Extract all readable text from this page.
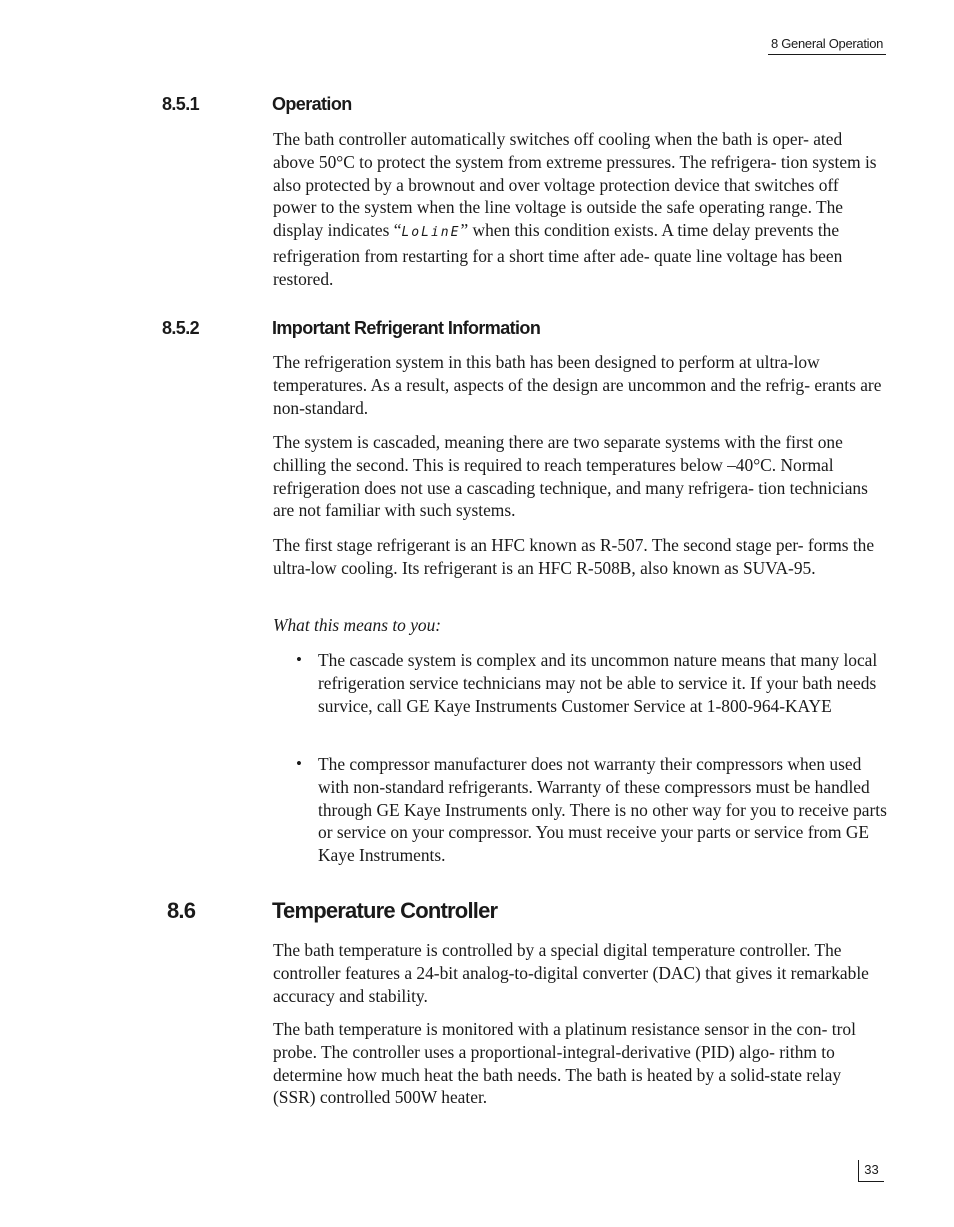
8 General Operation
8.5.1	Operation

The bath controller automatically switches off cooling when the bath is oper- ated above 50°C to protect the system from extreme pressures. The refrigera- tion system is also protected by a brownout and over voltage protection device that switches off power to the system when the line voltage is outside the safe operating range. The display indicates “LoLinE” when this condition exists. A time delay prevents the refrigeration from restarting for a short time after ade- quate line voltage has been restored.

8.5.2	Important Refrigerant Information

The refrigeration system in this bath has been designed to perform at ultra-low temperatures. As a result, aspects of the design are uncommon and the refrig- erants are non-standard.

The system is cascaded, meaning there are two separate systems with the first one chilling the second. This is required to reach temperatures below –40°C. Normal refrigeration does not use a cascading technique, and many refrigera- tion technicians are not familiar with such systems.

The first stage refrigerant is an HFC known as R-507. The second stage per- forms the ultra-low cooling. Its refrigerant is an HFC R-508B, also known as SUVA-95.

What this means to you:

• The cascade system is complex and its uncommon nature means that many local refrigeration service technicians may not be able to service it. If your bath needs survice, call GE Kaye Instruments Customer Service at 1-800-964-KAYE

• The compressor manufacturer does not warranty their compressors when used with non-standard refrigerants. Warranty of these compressors must be handled through GE Kaye Instruments only. There is no other way for you to receive parts or service on your compressor. You must receive your parts or service from GE Kaye Instruments.

8.6	Temperature Controller

The bath temperature is controlled by a special digital temperature controller. The controller features a 24-bit analog-to-digital converter (DAC) that gives it remarkable accuracy and stability.

The bath temperature is monitored with a platinum resistance sensor in the con- trol probe. The controller uses a proportional-integral-derivative (PID) algo- rithm to determine how much heat the bath needs. The bath is heated by a solid-state relay (SSR) controlled 500W heater.

33
